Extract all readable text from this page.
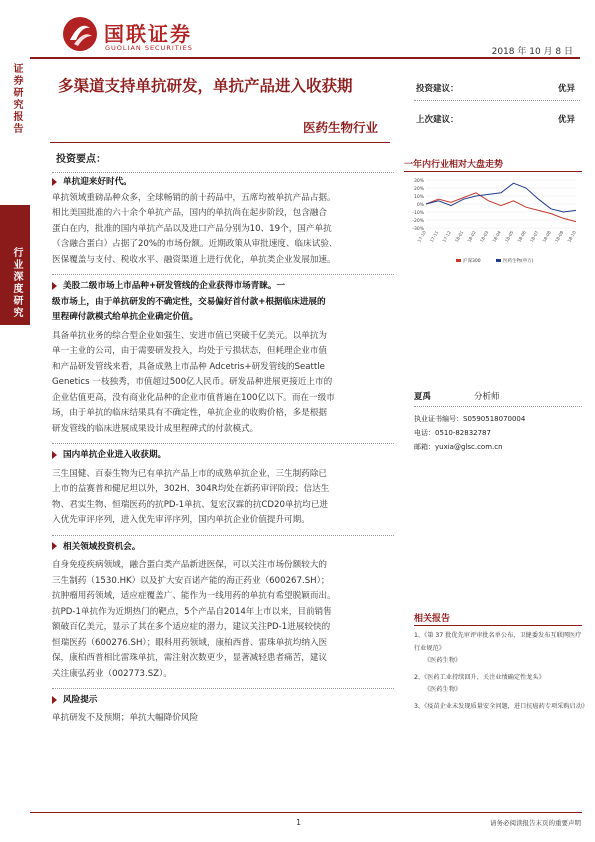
国联证券
GUOLIAN SECURITIES	2018 年 10 月 8 日
证券研究报告
行业深度研究
多渠道支持单抗研发，单抗产品进入收获期
医药生物行业
投资建议：	优异
上次建议：	优异
一年内行业相对大盘走势
30%
20%
10%
0%
-10%
-20%
-30%
17-10 17-11 17-12 18-01 18-02 18-03 18-04 18-05 18-06 18-07 18-08 18-09 18-10
沪深300	医药生物(申万)
夏禹	分析师
执业证书编号：S0590518070004
电话：0510-82832787
邮箱：yuxia@glsc.com.cn
相关报告
1、《第 37 批优先审评审批名单公布，卫健委发布互联网医疗行业规范》
《医药生物》
2、《医药工业持续回升，关注业绩确定性龙头》
《医药生物》
3、《疫苗企业未发现质量安全问题，进口抗癌药专项采购启动》
投资要点：
单抗迎来好时代。
单抗领域重磅品种众多，全球畅销的前十药品中，五席均被单抗产品占据。
相比美国批准的六十余个单抗产品，国内的单抗尚在起步阶段，包含融合
蛋白在内，批准的国内单抗产品以及进口产品分别为10、19个，国产单抗
（含融合蛋白）占据了20%的市场份额。近期政策从审批速度、临床试验、
医保覆盖与支付、税收水平、融资渠道上进行优化，单抗类企业发展加速。
美股二级市场上市品种+研发管线的企业获得市场青睐。一
级市场上，由于单抗研发的不确定性，交易偏好首付款+根据临床进展的
里程碑付款模式给单抗企业确定价值。
具备单抗业务的综合型企业如强生、安进市值已突破千亿美元。以单抗为
单一主业的公司，由于需要研发投入，均处于亏损状态，但耗理企业市值
和产品研发管线来看，具备成熟上市品种 Adcetris+研发管线的Seattle
Genetics 一枝独秀，市值超过500亿人民币。研发品种进展更接近上市的
企业估值更高，没有商业化品种的企业市值普遍在100亿以下。而在一级市
场，由于单抗的临床结果具有不确定性，单抗企业的收购价格，多是根据
研发管线的临床进展成果设计成里程碑式的付款模式。
国内单抗企业进入收获期。
三生国健、百泰生物为已有单抗产品上市的成熟单抗企业，三生制药除已
上市的益赛普和健尼坦以外，302H、304R均处在新药审评阶段；信达生
物、君实生物、恒瑞医药的抗PD-1单抗、复宏汉霖的抗CD20单抗均已进
入优先审评序列，进入优先审评序列，国内单抗企业价值提升可期。
相关领域投资机会。
自身免疫疾病领域，融合蛋白类产品新进医保，可以关注市场份额较大的
三生制药（1530.HK）以及扩大安百诺产能的海正药业（600267.SH）；
抗肿瘤用药领域，适应症覆盖广、能作为一线用药的单抗有希望脱颖而出。
抗PD-1单抗作为近期热门的靶点，5个产品自2014年上市以来，目前销售
额破百亿美元，显示了其在多个适应症的潜力，建议关注PD-1进展较快的
恒瑞医药（600276.SH）；眼科用药领域，康柏西普、雷珠单抗均纳入医
保，康柏西普相比雷珠单抗，需注射次数更少，显著减轻患者痛苦，建议
关注康弘药业（002773.SZ）。
风险提示
单抗研发不及预期；单抗大幅降价风险
1	请务必阅读报告末页的重要声明
